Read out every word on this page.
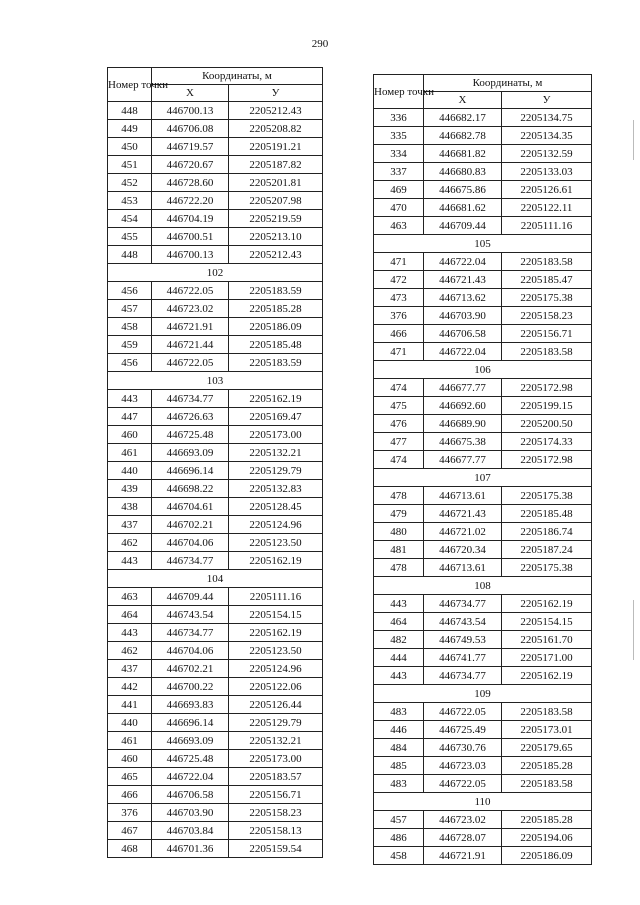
290
Номер точки	Координаты, м	
	X	У
448	446700.13	2205212.43
449	446706.08	2205208.82
450	446719.57	2205191.21
451	446720.67	2205187.82
452	446728.60	2205201.81
453	446722.20	2205207.98
454	446704.19	2205219.59
455	446700.51	2205213.10
448	446700.13	2205212.43
102		
456	446722.05	2205183.59
457	446723.02	2205185.28
458	446721.91	2205186.09
459	446721.44	2205185.48
456	446722.05	2205183.59
103		
443	446734.77	2205162.19
447	446726.63	2205169.47
460	446725.48	2205173.00
461	446693.09	2205132.21
440	446696.14	2205129.79
439	446698.22	2205132.83
438	446704.61	2205128.45
437	446702.21	2205124.96
462	446704.06	2205123.50
443	446734.77	2205162.19
104		
463	446709.44	2205111.16
464	446743.54	2205154.15
443	446734.77	2205162.19
462	446704.06	2205123.50
437	446702.21	2205124.96
442	446700.22	2205122.06
441	446693.83	2205126.44
440	446696.14	2205129.79
461	446693.09	2205132.21
460	446725.48	2205173.00
465	446722.04	2205183.57
466	446706.58	2205156.71
376	446703.90	2205158.23
467	446703.84	2205158.13
468	446701.36	2205159.54
Номер точки	Координаты, м	
	X	У
336	446682.17	2205134.75
335	446682.78	2205134.35
334	446681.82	2205132.59
337	446680.83	2205133.03
469	446675.86	2205126.61
470	446681.62	2205122.11
463	446709.44	2205111.16
105		
471	446722.04	2205183.58
472	446721.43	2205185.47
473	446713.62	2205175.38
376	446703.90	2205158.23
466	446706.58	2205156.71
471	446722.04	2205183.58
106		
474	446677.77	2205172.98
475	446692.60	2205199.15
476	446689.90	2205200.50
477	446675.38	2205174.33
474	446677.77	2205172.98
107		
478	446713.61	2205175.38
479	446721.43	2205185.48
480	446721.02	2205186.74
481	446720.34	2205187.24
478	446713.61	2205175.38
108		
443	446734.77	2205162.19
464	446743.54	2205154.15
482	446749.53	2205161.70
444	446741.77	2205171.00
443	446734.77	2205162.19
109		
483	446722.05	2205183.58
446	446725.49	2205173.01
484	446730.76	2205179.65
485	446723.03	2205185.28
483	446722.05	2205183.58
110		
457	446723.02	2205185.28
486	446728.07	2205194.06
458	446721.91	2205186.09
